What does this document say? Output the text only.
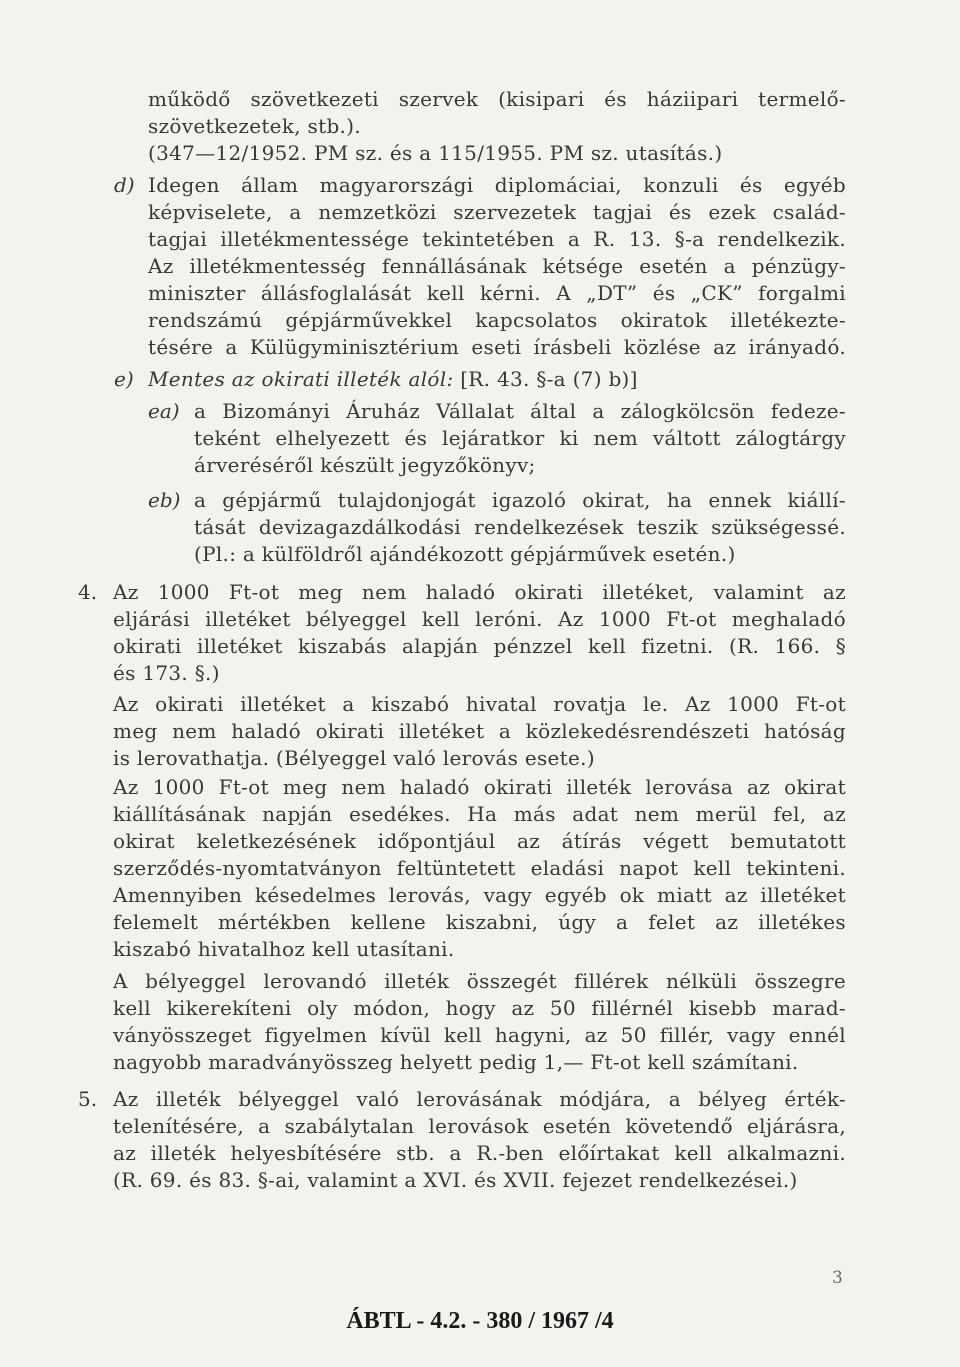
működő szövetkezeti szervek (kisipari és háziipari termelő-
szövetkezetek, stb.).
(347—12/1952. PM sz. és a 115/1955. PM sz. utasítás.)
d) Idegen állam magyarországi diplomáciai, konzuli és egyéb
képviselete, a nemzetközi szervezetek tagjai és ezek család-
tagjai illetékmentessége tekintetében a R. 13. §-a rendelkezik.
Az illetékmentesség fennállásának kétsége esetén a pénzügy-
miniszter állásfoglalását kell kérni. A „DT” és „CK” forgalmi
rendszámú gépjárművekkel kapcsolatos okiratok illetékezte-
tésére a Külügyminisztérium eseti írásbeli közlése az irányadó.
e) Mentes az okirati illeték alól: [R. 43. §-a (7) b)]
ea) a Bizományi Áruház Vállalat által a zálogkölcsön fedeze-
teként elhelyezett és lejáratkor ki nem váltott zálogtárgy
árveréséről készült jegyzőkönyv;
eb) a gépjármű tulajdonjogát igazoló okirat, ha ennek kiállí-
tását devizagazdálkodási rendelkezések teszik szükségessé.
(Pl.: a külföldről ajándékozott gépjárművek esetén.)
4. Az 1000 Ft-ot meg nem haladó okirati illetéket, valamint az
eljárási illetéket bélyeggel kell leróni. Az 1000 Ft-ot meghaladó
okirati illetéket kiszabás alapján pénzzel kell fizetni. (R. 166. §
és 173. §.)
Az okirati illetéket a kiszabó hivatal rovatja le. Az 1000 Ft-ot
meg nem haladó okirati illetéket a közlekedésrendészeti hatóság
is lerovathatja. (Bélyeggel való lerovás esete.)
Az 1000 Ft-ot meg nem haladó okirati illeték lerovása az okirat
kiállításának napján esedékes. Ha más adat nem merül fel, az
okirat keletkezésének időpontjául az átírás végett bemutatott
szerződés-nyomtatványon feltüntetett eladási napot kell tekinteni.
Amennyiben késedelmes lerovás, vagy egyéb ok miatt az illetéket
felemelt mértékben kellene kiszabni, úgy a felet az illetékes
kiszabó hivatalhoz kell utasítani.
A bélyeggel lerovandó illeték összegét fillérek nélküli összegre
kell kikerekíteni oly módon, hogy az 50 fillérnél kisebb marad-
ványösszeget figyelmen kívül kell hagyni, az 50 fillér, vagy ennél
nagyobb maradványösszeg helyett pedig 1,— Ft-ot kell számítani.
5. Az illeték bélyeggel való lerovásának módjára, a bélyeg érték-
telenítésére, a szabálytalan lerovások esetén követendő eljárásra,
az illeték helyesbítésére stb. a R.-ben előírtakat kell alkalmazni.
(R. 69. és 83. §-ai, valamint a XVI. és XVII. fejezet rendelkezései.)
3
ÁBTL - 4.2. - 380 / 1967 /4
